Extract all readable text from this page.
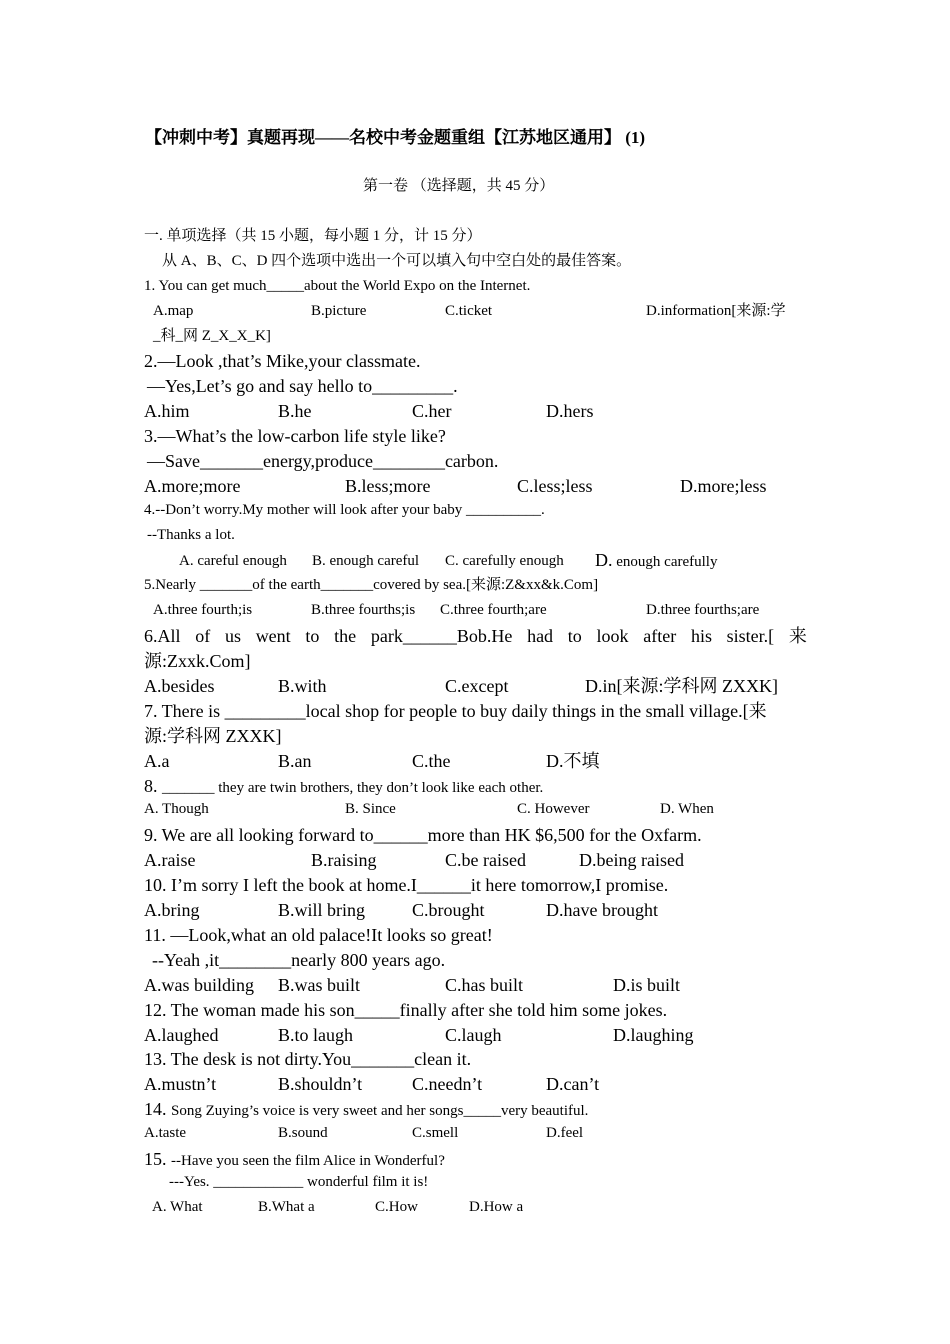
【冲刺中考】真题再现——名校中考金题重组【江苏地区通用】 (1)
第一卷 （选择题，共 45 分）
一. 单项选择（共 15 小题，每小题 1 分，计 15 分）
从 A、B、C、D 四个选项中选出一个可以填入句中空白处的最佳答案。
1. You can get much_____about the World Expo on the Internet.
A.map	B.picture	C.ticket	D.information[来源:学
_科_网 Z_X_X_K]
2.—Look ,that’s Mike,your classmate.
—Yes,Let’s go and say hello to_________.
A.him	B.he	C.her	D.hers
3.—What’s the low-carbon life style like?
—Save_______energy,produce________carbon.
A.more;more	B.less;more	C.less;less	D.more;less
4.--Don’t worry.My mother will look after your baby __________.
--Thanks a lot.
A. careful enough B. enough careful C. carefully enough D. enough carefully
5.Nearly _______of the earth_______covered by sea.[来源:Z&xx&k.Com]
A.three fourth;is	B.three fourths;is C.three fourth;are	D.three fourths;are
6.All of us went to the park______Bob.He had to look after his sister.[ 来
源:Zxxk.Com]
A.besides	B.with	C.except	D.in[来源:学科网 ZXXK]
7. There is _________local shop for people to buy daily things in the small village.[来
源:学科网 ZXXK]
A.a	B.an	C.the	D.不填
8. _______ they are twin brothers, they don’t look like each other.
A. Though	B. Since	C. However	D. When
9. We are all looking forward to______more than HK $6,500 for the Oxfarm.
A.raise	B.raising	C.be raised	D.being raised
10. I’m sorry I left the book at home.I______it here tomorrow,I promise.
A.bring	B.will bring	C.brought	D.have brought
11. —Look,what an old palace!It looks so great!
--Yeah ,it________nearly 800 years ago.
A.was building B.was built	C.has built	D.is built
12. The woman made his son_____finally after she told him some jokes.
A.laughed	B.to laugh	C.laugh	D.laughing
13. The desk is not dirty.You_______clean it.
A.mustn’t	B.shouldn’t	C.needn’t	D.can’t
14. Song Zuying’s voice is very sweet and her songs_____very beautiful.
A.taste	B.sound	C.smell	D.feel
15. --Have you seen the film Alice in Wonderful?
---Yes. ____________ wonderful film it is!
A. What	B.What a	C.How	D.How a
